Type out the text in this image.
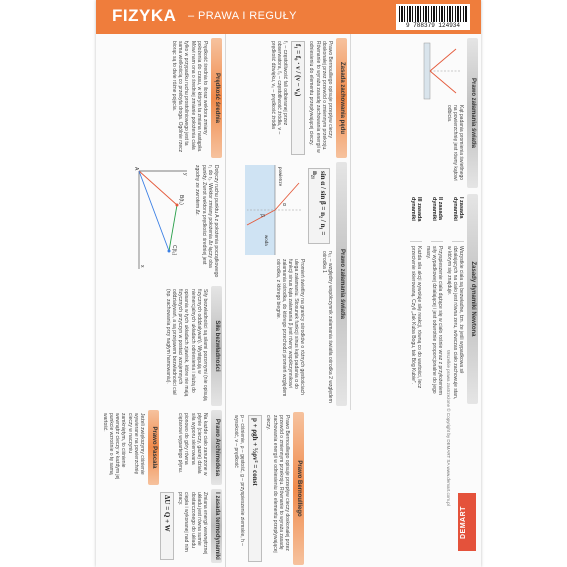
FIZYKA – PRAWA I REGUŁY
9 788379 124934
Prędkość średnia
Prędkość średnia to iloraz wektora zmiany położenia do czasu, w którym ta zmiana nastąpiła. Mówi nam ona o średniej zmianie położenia ciała tylko w przypadku ruchu prostoliniowego jest ta sama wielkością co przebyta droga. Ogólnie rzecz biorąc są to dwie różne pojęcia.
Dotyczy ruchu punktu A z położenia początkowego r₁ do r₂. Wektor zmiany położenia Δr łączy oba punkty. Zwrot wektora prędkości średniej jest zgodny ze zwrotem Δr.
A
B(t₁)
C(t₂)
x
y
Siła bezwładności
Siły bezwładności są siłami pozornymi (nie opisują fizycznych oddziaływań). Występują w nieinercjalnych układach odniesienia i służą do opisania w tych układach zjawisk, które nie mają fizycznych przyczyn w postaci wzajemnych oddziaływań, a są przejawem bezwładności ciał (np. zachowania przy nagłym hamowaniu).
Prawo Archimedesa
Na każde ciało zanurzone w płynie (cieczy, gazie) działa siła wyporu skierowana pionowo do góry równa ciężarowi wypartego płynu.
Prawo Pascala
Jeżeli zwiększymy ciśnienie wywierane na powierzchnię cieczy w naczyniu zamkniętym, to ciśnienie wewnątrz cieczy w każdym jej punkcie wzrośnie o tę samą wartość.
I zasada termodynamiki
Zmiana energii wewnętrznej układu jest równa sumie dostarczonego do układu ciepła i wykonanej nad nim pracy.
ΔU = Q + W	Prawo Bernoulliego
Prawo Bernoulliego opisuje przepływ cieczy doskonałej przez przewód o zmiennym przekroju. Równanie to wyraża zasadę zachowania energii w odniesieniu do elementu przepływającej cieczy.
p + ρgh + ½ρv² = const
p – ciśnienie, ρ – gęstość, g – przyspieszenie ziemskie, h – wysokość, v – prędkość
Zasada zachowania pędu
Prawo Bernoulliego opisuje przepływ cieczy doskonałej przez przewód o zmiennym przekroju. Równanie to wyraża zasadę zachowania energii w odniesieniu do elementu przepływającej cieczy.
f₁ = f₀ · v / (v − v₀)
f₁ – częstotliwość fali odbieranej przez obserwatora, f₀ – częstotliwość źródła, v – prędkość dźwięku, v₀ – prędkość źródła
Prawo załamania światła
sin α / sin β = n₂ / n₁ = n₂₁
n₂₁ – względny współczynnik załamania światła ośrodka 2 względem ośrodka 1
powietrze
woda
α
β
Promień świetlny na granicy ośrodków o różnych gęstościach ulega załamaniu. Stosunek funkcji sinus kąta padania α do funkcji sinus kąta załamania β jest równy współczynnikowi załamania ośrodka, do którego przechodzi promień względem ośrodka, z którego biegnie.
Prawo załamania światła
Kąt padania promienia świetlnego na powierzchnię jest równy kątowi odbicia.
Zasady dynamiki Newtona
I zasada dynamiki
Wszystkie ciała są bezwładne, tzn. że jeśli wypadkowa sił działających na ciało jest równa zeru, wówczas ciało zachowuje stan, w którym się znajduje.
II zasada dynamiki
Przyspieszenie ciała dążące się w ciało rośnie wraz z przyłożeniem siły wypadkowej działającej i jest odwrotnie proporcjonalne do jego masy.
III zasada dynamiki
Każda siła akcji wywołuje siłę reakcji, równą co do wartości, lecz przeciwnie skierowaną. Czyli „Jak Kuba Bogu, tak Bóg Kubie”.
DEMART
Wszelkie prawa zastrzeżone © Copyright by DEMART SA www.demart.com.pl
